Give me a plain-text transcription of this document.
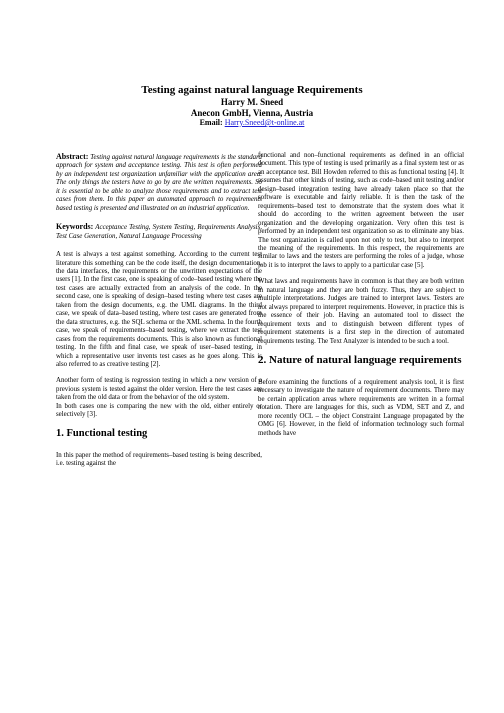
Testing against natural language Requirements

Harry M. Sneed

Anecon GmbH, Vienna, Austria

Email: Harry.Sneed@t-online.at

Abstract: Testing against natural language requirements is the standard approach for system and acceptance testing. This test is often performed by an independent test organization unfamiliar with the application area. The only things the testers have to go by are the written requirements. So it is essential to be able to analyze those requirements and to extract test cases from them. In this paper an automated approach to requirements based testing is presented and illustrated on an industrial application.

Keywords: Acceptance Testing, System Testing, Requirements Analysis, Test Case Generation, Natural Language Processing

A test is always a test against something. According to the current test literature this something can be the code itself, the design documentation, the data interfaces, the requirements or the unwritten expectations of the users [1]. In the first case, one is speaking of code–based testing where the test cases are actually extracted from an analysis of the code. In the second case, one is speaking of design–based testing where test cases are taken from the design documents, e.g. the UML diagrams. In the third case, we speak of data–based testing, where test cases are generated from the data structures, e.g. the SQL schema or the XML schema. In the fourth case, we speak of requirements–based testing, where we extract the test cases from the requirements documents. This is also known as functional testing. In the fifth and final case, we speak of user–based testing, in which a representative user invents test cases as he goes along. This is also referred to as creative testing [2].

Another form of testing is regression testing in which a new version of a previous system is tested against the older version. Here the test cases are taken from the old data or from the behavior of the old system.

In both cases one is comparing the new with the old, either entirely or selectively [3].

1. Functional testing

In this paper the method of requirements–based testing is being described, i.e. testing against the

functional and non–functional requirements as defined in an official document. This type of testing is used primarily as a final system test or as an acceptance test. Bill Howden referred to this as functional testing [4]. It assumes that other kinds of testing, such as code–based unit testing and/or design–based integration testing have already taken place so that the software is executable and fairly reliable. It is then the task of the requirements–based test to demonstrate that the system does what it should do according to the written agreement between the user organization and the developing organization. Very often this test is performed by an independent test organization so as to eliminate any bias. The test organization is called upon not only to test, but also to interpret the meaning of the requirements. In this respect, the requirements are similar to laws and the testers are performing the roles of a judge, whose job it is to interpret the laws to apply to a particular case [5].

What laws and requirements have in common is that they are both written in natural language and they are both fuzzy. Thus, they are subject to multiple interpretations. Judges are trained to interpret laws. Testers are not always prepared to interpret requirements. However, in practice this is the essence of their job. Having an automated tool to dissect the requirement texts and to distinguish between different types of requirement statements is a first step in the direction of automated requirements testing. The Text Analyzer is intended to be such a tool.

2. Nature of natural language requirements

Before examining the functions of a requirement analysis tool, it is first necessary to investigate the nature of requirement documents. There may be certain application areas where requirements are written in a formal notation. There are languages for this, such as VDM, SET and Z, and more recently OCL – the object Constraint Language propagated by the OMG [6]. However, in the field of information technology such formal methods have
